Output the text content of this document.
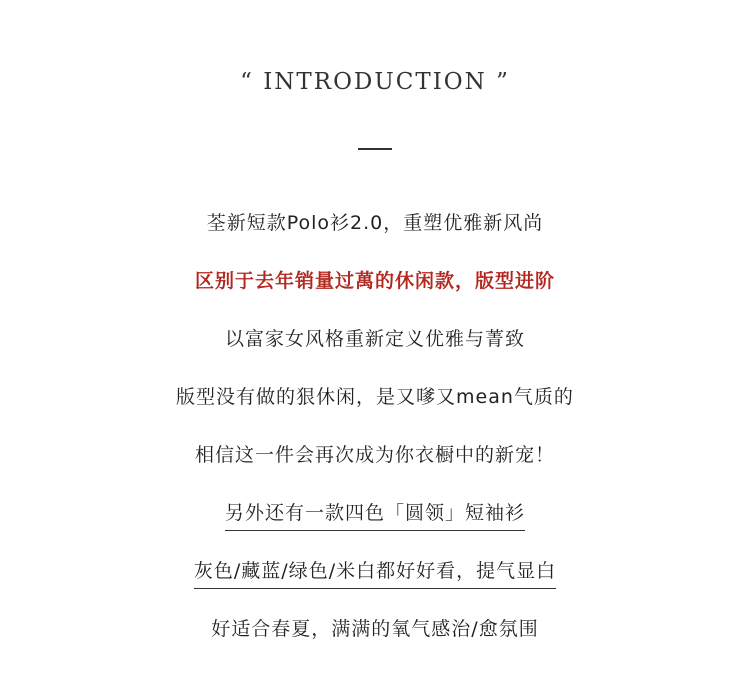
“ INTRODUCTION ”
荃新短款Polo衫2.0，重塑优雅新风尚
区别于去年销量过萬的休闲款，版型进阶
以富家女风格重新定义优雅与菁致
版型没有做的狠休闲，是又嗲又mean气质的
相信这一件会再次成为你衣橱中的新宠！
另外还有一款四色「圆领」短袖衫
灰色/藏蓝/绿色/米白都好好看，提气显白
好适合春夏，满满的氧气感治/愈氛围
